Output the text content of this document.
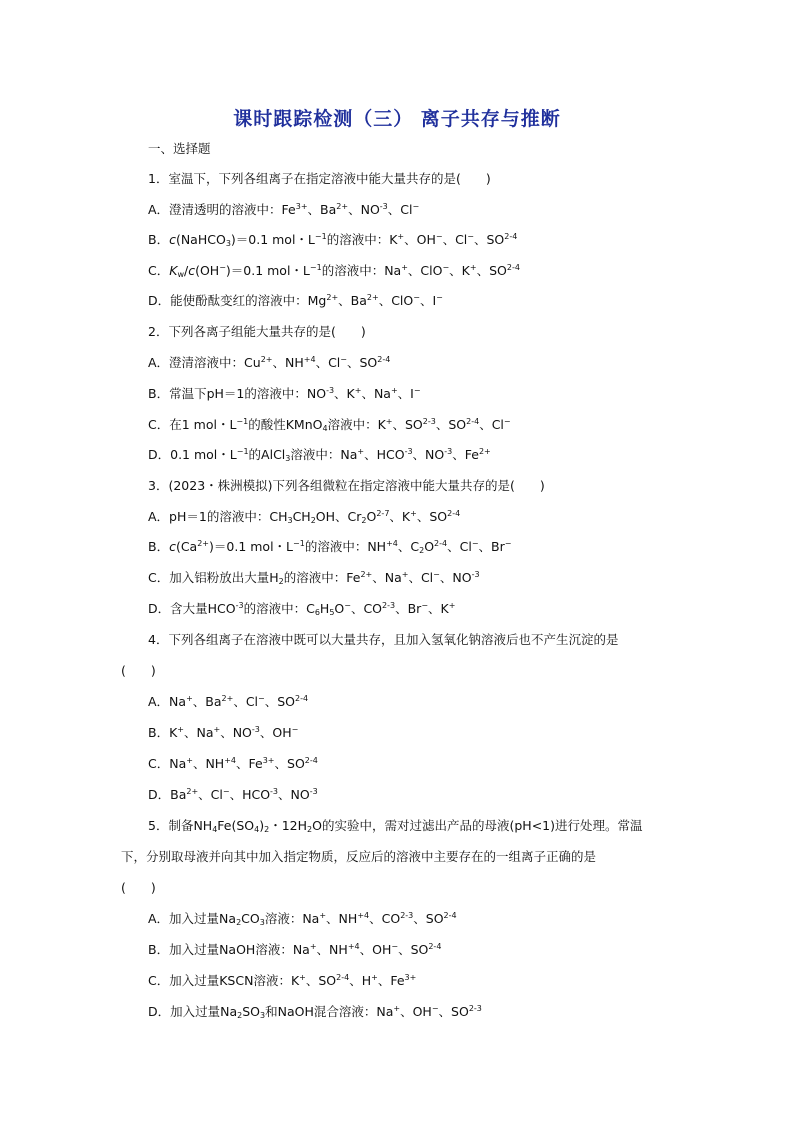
课时跟踪检测（三） 离子共存与推断
一、选择题
1．室温下，下列各组离子在指定溶液中能大量共存的是(　　)
A．澄清透明的溶液中：$Fe^{3+}$、$Ba^{2+}$、$NO^{-3}$、Cl−
B．c(NaHCO$_3$)＝0.1 mol・$L^{-1}$的溶液中：K+、OH−、Cl−、SO$^{2-4}$
C．$K_w/c(OH^-)=0.1$ mol・$L^{-1}$的溶液中：Na+、ClO−、K+、SO$^{2-4}$
D．能使酚酞变红的溶液中：$Mg^{2+}$、$Ba^{2+}$、ClO−、I−
2．下列各离子组能大量共存的是(　　)
A．澄清溶液中：$Cu^{2+}$、$NH^{+4}$、Cl−、SO$^{2-4}$
B．常温下pH＝1的溶液中：$NO^{-3}$、K+、Na+、I−
C．在1 mol・$L^{-1}$的酸性KMnO$_4$溶液中：K+、SO$^{2-3}$、SO$^{2-4}$、Cl−
D．0.1 mol・$L^{-1}$的AlCl$_3$溶液中：Na+、$HCO^{-3}$、$NO^{-3}$、$Fe^{2+}$
3．(2023・株洲模拟)下列各组微粒在指定溶液中能大量共存的是(　　)
A．pH＝1的溶液中：$CH_3CH_2OH$、$Cr_2O^{2-7}$、K+、SO$^{2-4}$
B．$c(Ca^{2+})=0.1$ mol・$L^{-1}$的溶液中：$NH^{+4}$、$C_2O^{2-4}$、Cl−、Br−
C．加入铝粉放出大量$H_2$的溶液中：$Fe^{2+}$、Na+、Cl−、$NO^{-3}$
D．含大量$HCO^{-3}$的溶液中：$C_6H_5O^-$、CO$^{2-3}$、Br−、K+
4．下列各组离子在溶液中既可以大量共存，且加入氢氧化钠溶液后也不产生沉淀的是
(　　)
A．Na+、$Ba^{2+}$、Cl−、SO$^{2-4}$
B．K+、Na+、$NO^{-3}$、OH−
C．Na+、$NH^{+4}$、$Fe^{3+}$、SO$^{2-4}$
D．$Ba^{2+}$、Cl−、$HCO^{-3}$、$NO^{-3}$
5．制备$NH_4Fe(SO_4)_2$・$12H_2O$的实验中，需对过滤出产品的母液(pH<1)进行处理。常温
下，分别取母液并向其中加入指定物质，反应后的溶液中主要存在的一组离子正确的是
(　　)
A．加入过量$Na_2CO_3$溶液：Na+、$NH^{+4}$、CO$^{2-3}$、SO$^{2-4}$
B．加入过量NaOH溶液：Na+、$NH^{+4}$、OH−、SO$^{2-4}$
C．加入过量KSCN溶液：K+、SO$^{2-4}$、H+、$Fe^{3+}$
D．加入过量$Na_2SO_3$和NaOH混合溶液：Na+、OH−、SO$^{2-3}$
